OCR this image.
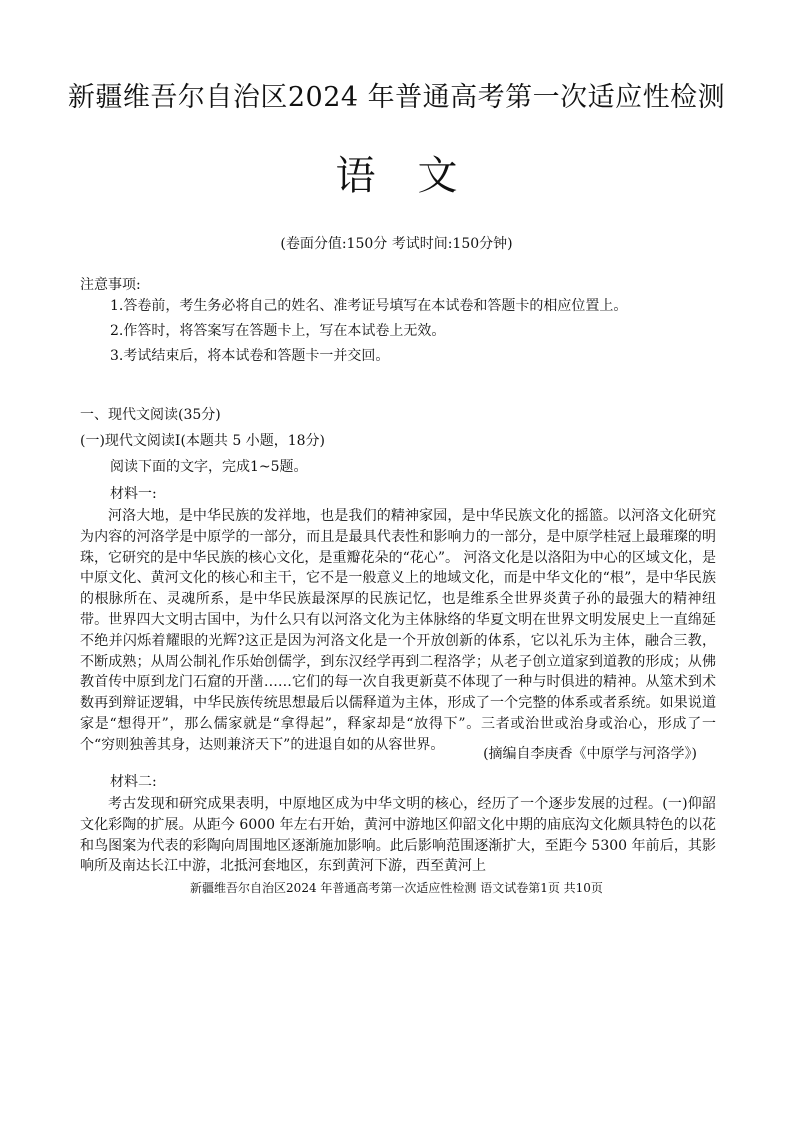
新疆维吾尔自治区2024 年普通高考第一次适应性检测
语文
(卷面分值:150分 考试时间:150分钟)
注意事项:
1.答卷前，考生务必将自己的姓名、准考证号填写在本试卷和答题卡的相应位置上。
2.作答时，将答案写在答题卡上，写在本试卷上无效。
3.考试结束后，将本试卷和答题卡一并交回。
一、现代文阅读(35分)
(一)现代文阅读Ⅰ(本题共 5 小题，18分)
阅读下面的文字，完成1~5题。
材料一:
河洛大地，是中华民族的发祥地，也是我们的精神家园，是中华民族文化的摇篮。以河洛文化研究为内容的河洛学是中原学的一部分，而且是最具代表性和影响力的一部分，是中原学桂冠上最璀璨的明珠，它研究的是中华民族的核心文化，是重瓣花朵的“花心”。 河洛文化是以洛阳为中心的区域文化，是中原文化、黄河文化的核心和主干，它不是一般意义上的地域文化，而是中华文化的“根”，是中华民族的根脉所在、灵魂所系，是中华民族最深厚的民族记忆，也是维系全世界炎黄子孙的最强大的精神纽带。世界四大文明古国中，为什么只有以河洛文化为主体脉络的华夏文明在世界文明发展史上一直绵延不绝并闪烁着耀眼的光辉?这正是因为河洛文化是一个开放创新的体系，它以礼乐为主体，融合三教，不断成熟；从周公制礼作乐始创儒学，到东汉经学再到二程洛学；从老子创立道家到道教的形成；从佛教首传中原到龙门石窟的开凿……它们的每一次自我更新莫不体现了一种与时俱进的精神。从筮术到术数再到辩证逻辑，中华民族传统思想最后以儒释道为主体，形成了一个完整的体系或者系统。如果说道家是“想得开”，那么儒家就是“拿得起”，释家却是“放得下”。三者或治世或治身或治心，形成了一个“穷则独善其身，达则兼济天下”的进退自如的从容世界。
(摘编自李庚香《中原学与河洛学》)
材料二:
考古发现和研究成果表明，中原地区成为中华文明的核心，经历了一个逐步发展的过程。(一)仰韶文化彩陶的扩展。从距今 6000 年左右开始，黄河中游地区仰韶文化中期的庙底沟文化颇具特色的以花和鸟图案为代表的彩陶向周围地区逐渐施加影响。此后影响范围逐渐扩大，至距今 5300 年前后，其影响所及南达长江中游，北抵河套地区，东到黄河下游，西至黄河上
新疆维吾尔自治区2024 年普通高考第一次适应性检测 语文试卷第1页 共10页
